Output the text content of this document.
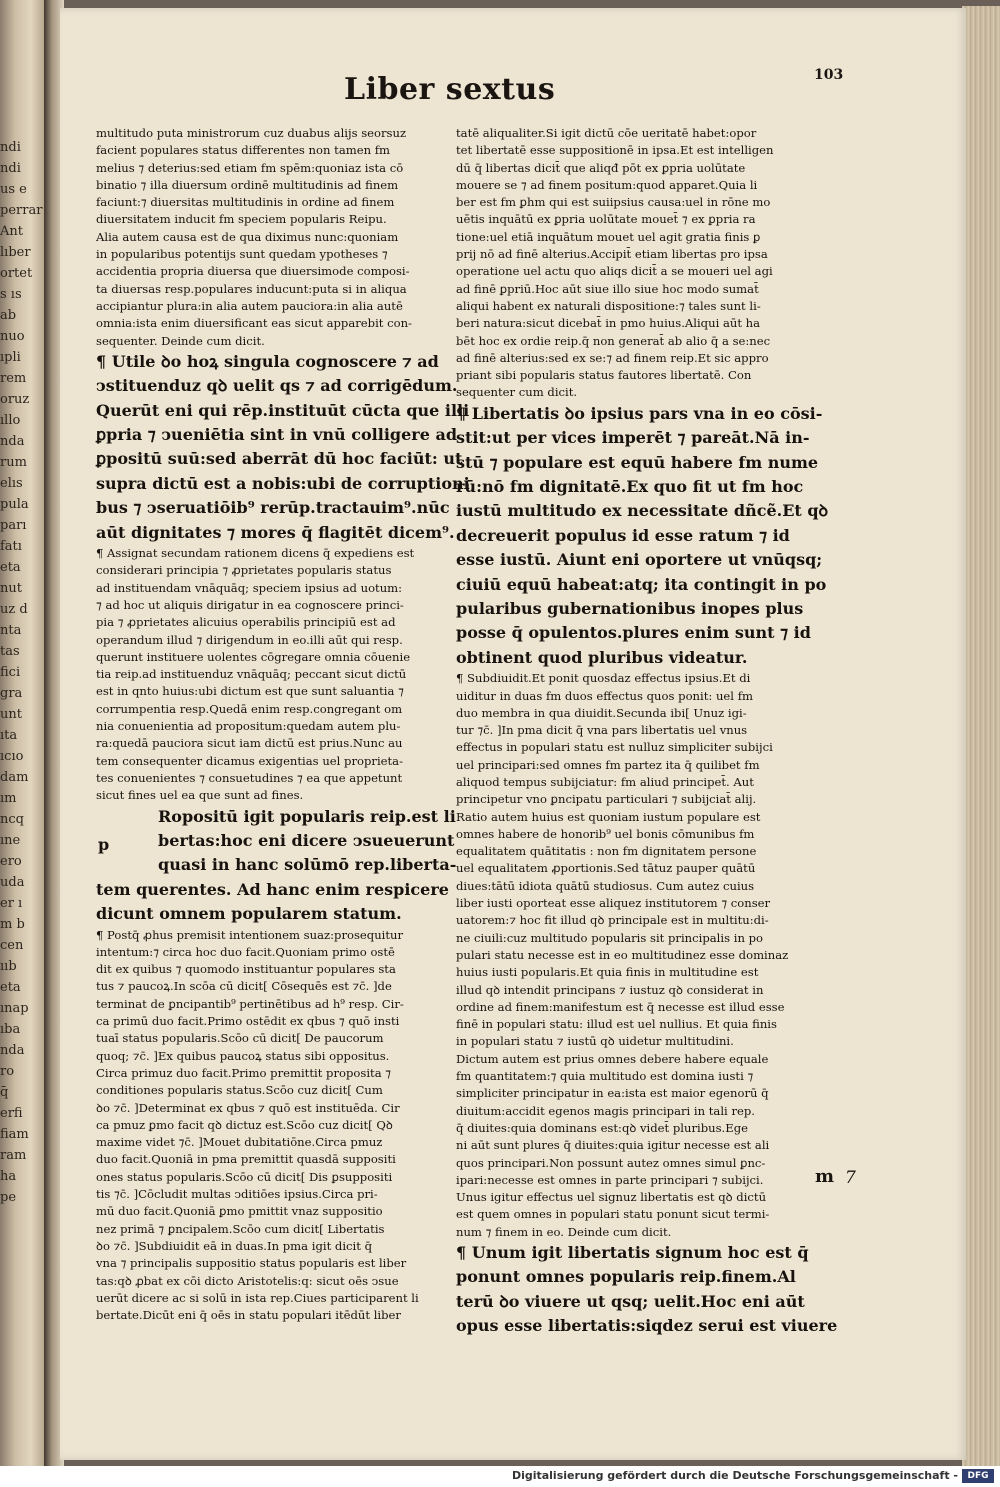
ndi
ndi
us e
perrar
Ant
lıber
ortet
s ıs
ab
nuo
ıpli
rem
oruz
ıllo
nda
rum
elıs
pula
parı
fatı
eta
nut
uz d
nta
tas
fici
gra
unt
ıta
ıcıo
dam
ım
ncq
ıne
ero
uda
er ı
m b
cen
ııb
eta
ınap
ıba
nda
ro
q̄
erfi
fiam
ram
ha
pe
Liber sextus	103
multitudo puta ministrorum cuz duabus alijs seorsuz
facient populares status differentes non tamen fm
melius ⁊ deterius:sed etiam fm spēm:quoniaz ista cō
binatio ⁊ illa diuersum ordinē multitudinis ad finem
faciunt:⁊ diuersitas multitudinis in ordine ad finem
diuersitatem inducit fm speciem popularis Reipu.
Alia autem causa est de qua diximus nunc:quoniam
in popularibus potentijs sunt quedam ypotheses ⁊
accidentia propria diuersa que diuersimode composi-
ta diuersas resp.populares inducunt:puta si in aliqua
accipiantur plura:in alia autem pauciora:in alia autē
omnia:ista enim diuersificant eas sicut apparebit con-
sequenter. Deinde cum dicit.
¶ Utile ꝺo hoꝝ singula cognoscere ⁊ ad
ↄstituenduz qꝺ uelit qs ⁊ ad corrigēdum.
Querūt eni qui rēp.instituūt cūcta que illi
ꝑpria ⁊ ↄueniētia sint in vnū colligere ad
ꝑpositū suū:sed aberrāt dū hoc faciūt: ut
supra dictū est a nobis:ubi de corruptioni
bus ⁊ ↄseruatiōib⁹ rerūp.tractauim⁹.nūc
aūt dignitates ⁊ mores q̄ flagitēt dicem⁹.
¶ Assignat secundam rationem dicens q̄ expediens est
considerari principia ⁊ ꝓprietates popularis status
ad instituendam vnāquāq; speciem ipsius ad uotum:
⁊ ad hoc ut aliquis dirigatur in ea cognoscere princi-
pia ⁊ ꝓprietates alicuius operabilis principiū est ad
operandum illud ⁊ dirigendum in eo.illi aūt qui resp.
querunt instituere uolentes cōgregare omnia cōuenie
tia reip.ad instituenduz vnāquāq; peccant sicut dictū
est in qnto huius:ubi dictum est que sunt saluantia ⁊
corrumpentia resp.Quedā enim resp.congregant om
nia conuenientia ad propositum:quedam autem plu-
ra:quedā pauciora sicut iam dictū est prius.Nunc au
tem consequenter dicamus exigentias uel proprieta-
tes conuenientes ⁊ consuetudines ⁊ ea que appetunt
sicut fines uel ea que sunt ad fines.
p
Ropositū igit popularis reip.est li
bertas:hoc eni dicere ↄsueuerunt
quasi in hanc solūmō rep.liberta-
tem querentes. Ad hanc enim respicere
dicunt omnem popularem statum.
¶ Postq̄ ꝓhus premisit intentionem suaz:prosequitur
intentum:⁊ circa hoc duo facit.Quoniam primo ostē
dit ex quibus ⁊ quomodo instituantur populares sta
tus ⁊ paucoꝝ.In scōa cū dicit[ Cōsequēs est ⁊c̄. ]de
terminat de ꝑncipantib⁹ pertinētibus ad h⁹ resp. Cir-
ca primū duo facit.Primo ostēdit ex qbus ⁊ quō insti
tuaī status popularis.Scōo cū dicit[ De paucorum
quoq; ⁊c̄. ]Ex quibus paucoꝝ status sibi oppositus.
Circa primuz duo facit.Primo premittit proposita ⁊
conditiones popularis status.Scōo cuz dicit[ Cum
ꝺo ⁊c̄. ]Determinat ex qbus ⁊ quō est instituēda. Cir
ca pmuz ꝑmo facit qꝺ dictuz est.Scōo cuz dicit[ Qꝺ
maxime videt ⁊c̄. ]Mouet dubitatiōne.Circa pmuz
duo facit.Quoniā in pma premittit quasdā suppositi
ones status popularis.Scōo cū dicit[ Dis ꝑsuppositi
tis ⁊c̄. ]Cōcludit multas ↄditiōes ipsius.Circa pri-
mū duo facit.Quoniā ꝑmo pmittit vnaz suppositio
nez primā ⁊ ꝑncipalem.Scōo cum dicit[ Libertatis
ꝺo ⁊c̄. ]Subdiuidit eā in duas.In pma igit dicit q̄
vna ⁊ principalis suppositio status popularis est liber
tas:qꝺ ꝓbat ex cōi dicto Aristotelis:q: sicut oēs ↄsue
uerūt dicere ac si solū in ista rep.Ciues participarent li
bertate.Dicūt eni q̄ oēs in statu populari itēdūt liber
tatē aliqualiter.Si igit dictū cōe ueritatē habet:opor
tet libertatē esse suppositionē in ipsa.Et est intelligen
dū q̄ libertas dicit̄ que aliqđ pōt ex ꝑpria uolūtate
mouere se ⁊ ad finem positum:quod apparet.Quia li
ber est fm ꝑhm qui est suiipsius causa:uel in rōne mo
uētis inquātū ex ꝑpria uolūtate mouet̄ ⁊ ex ꝑpria ra
tione:uel etiā inquātum mouet uel agit gratia finis ꝑ
prij nō ad finē alterius.Accipit̄ etiam libertas pro ipsa
operatione uel actu quo aliqs dicit̄ a se moueri uel agi
ad finē ꝑpriū.Hoc aūt siue illo siue hoc modo sumat̄
aliqui habent ex naturali dispositione:⁊ tales sunt li-
beri natura:sicut dicebat̄ in pmo huius.Aliqui aūt ha
bēt hoc ex ordie reip.q̄ non generat̄ ab alio q̄ a se:nec
ad finē alterius:sed ex se:⁊ ad finem reip.Et sic appro
priant sibi popularis status fautores libertatē. Con
sequenter cum dicit.
¶ Libertatis ꝺo ipsius pars vna in eo cōsi-
stit:ut per vices imperēt ⁊ pareāt.Nā in-
stū ⁊ populare est equū habere fm nume
rū:nō fm dignitatē.Ex quo fit ut fm hoc
iustū multitudo ex necessitate dñcẽ.Et qꝺ
decreuerit populus id esse ratum ⁊ id
esse iustū. Aiunt eni oportere ut vnūqsq;
ciuiū equū habeat:atq; ita contingit in po
pularibus gubernationibus inopes plus
posse q̄ opulentos.plures enim sunt ⁊ id
obtinent quod pluribus videatur.
¶ Subdiuidit.Et ponit quosdaz effectus ipsius.Et di
uiditur in duas fm duos effectus quos ponit: uel fm
duo membra in qua diuidit.Secunda ibi[ Unuz igi-
tur ⁊c̄. ]In pma dicit q̄ vna pars libertatis uel vnus
effectus in populari statu est nulluz simpliciter subijci
uel principari:sed omnes fm partez ita q̄ quilibet fm
aliquod tempus subijciatur: fm aliud principet̄. Aut
principetur vno ꝑncipatu particulari ⁊ subijciat̄ alij.
Ratio autem huius est quoniam iustum populare est
omnes habere de honorib⁹ uel bonis cōmunibus fm
equalitatem quātitatis : non fm dignitatem persone
uel equalitatem ꝓportionis.Sed tātuz pauper quātū
diues:tātū idiota quātū studiosus. Cum autez cuius
liber iusti oporteat esse aliquez institutorem ⁊ conser
uatorem:⁊ hoc fit illud qꝺ principale est in multitu:di-
ne ciuili:cuz multitudo popularis sit principalis in po
pulari statu necesse est in eo multitudinez esse dominaz
huius iusti popularis.Et quia finis in multitudine est
illud qꝺ intendit principans ⁊ iustuz qꝺ considerat in
ordine ad finem:manifestum est q̄ necesse est illud esse
finē in populari statu: illud est uel nullius. Et quia finis
in populari statu ⁊ iustū qꝺ uidetur multitudini.
Dictum autem est prius omnes debere habere equale
fm quantitatem:⁊ quia multitudo est domina iusti ⁊
simpliciter principatur in ea:ista est maior egenorū q̄
diuitum:accidit egenos magis principari in tali rep.
q̄ diuites:quia dominans est:qꝺ videt̄ pluribus.Ege
ni aūt sunt plures q̄ diuites:quia igitur necesse est ali
quos principari.Non possunt autez omnes simul ꝑnc-
ipari:necesse est omnes in parte principari ⁊ subijci.
Unus igitur effectus uel signuz libertatis est qꝺ dictū
est quem omnes in populari statu ponunt sicut termi-
num ⁊ finem in eo. Deinde cum dicit.
¶ Unum igit libertatis signum hoc est q̄
ponunt omnes popularis reip.finem.Al
terū ꝺo viuere ut qsq; uelit.Hoc eni aūt
opus esse libertatis:siqdez serui est viuere
m 7
Digitalisierung gefördert durch die Deutsche Forschungsgemeinschaft -	DFG
